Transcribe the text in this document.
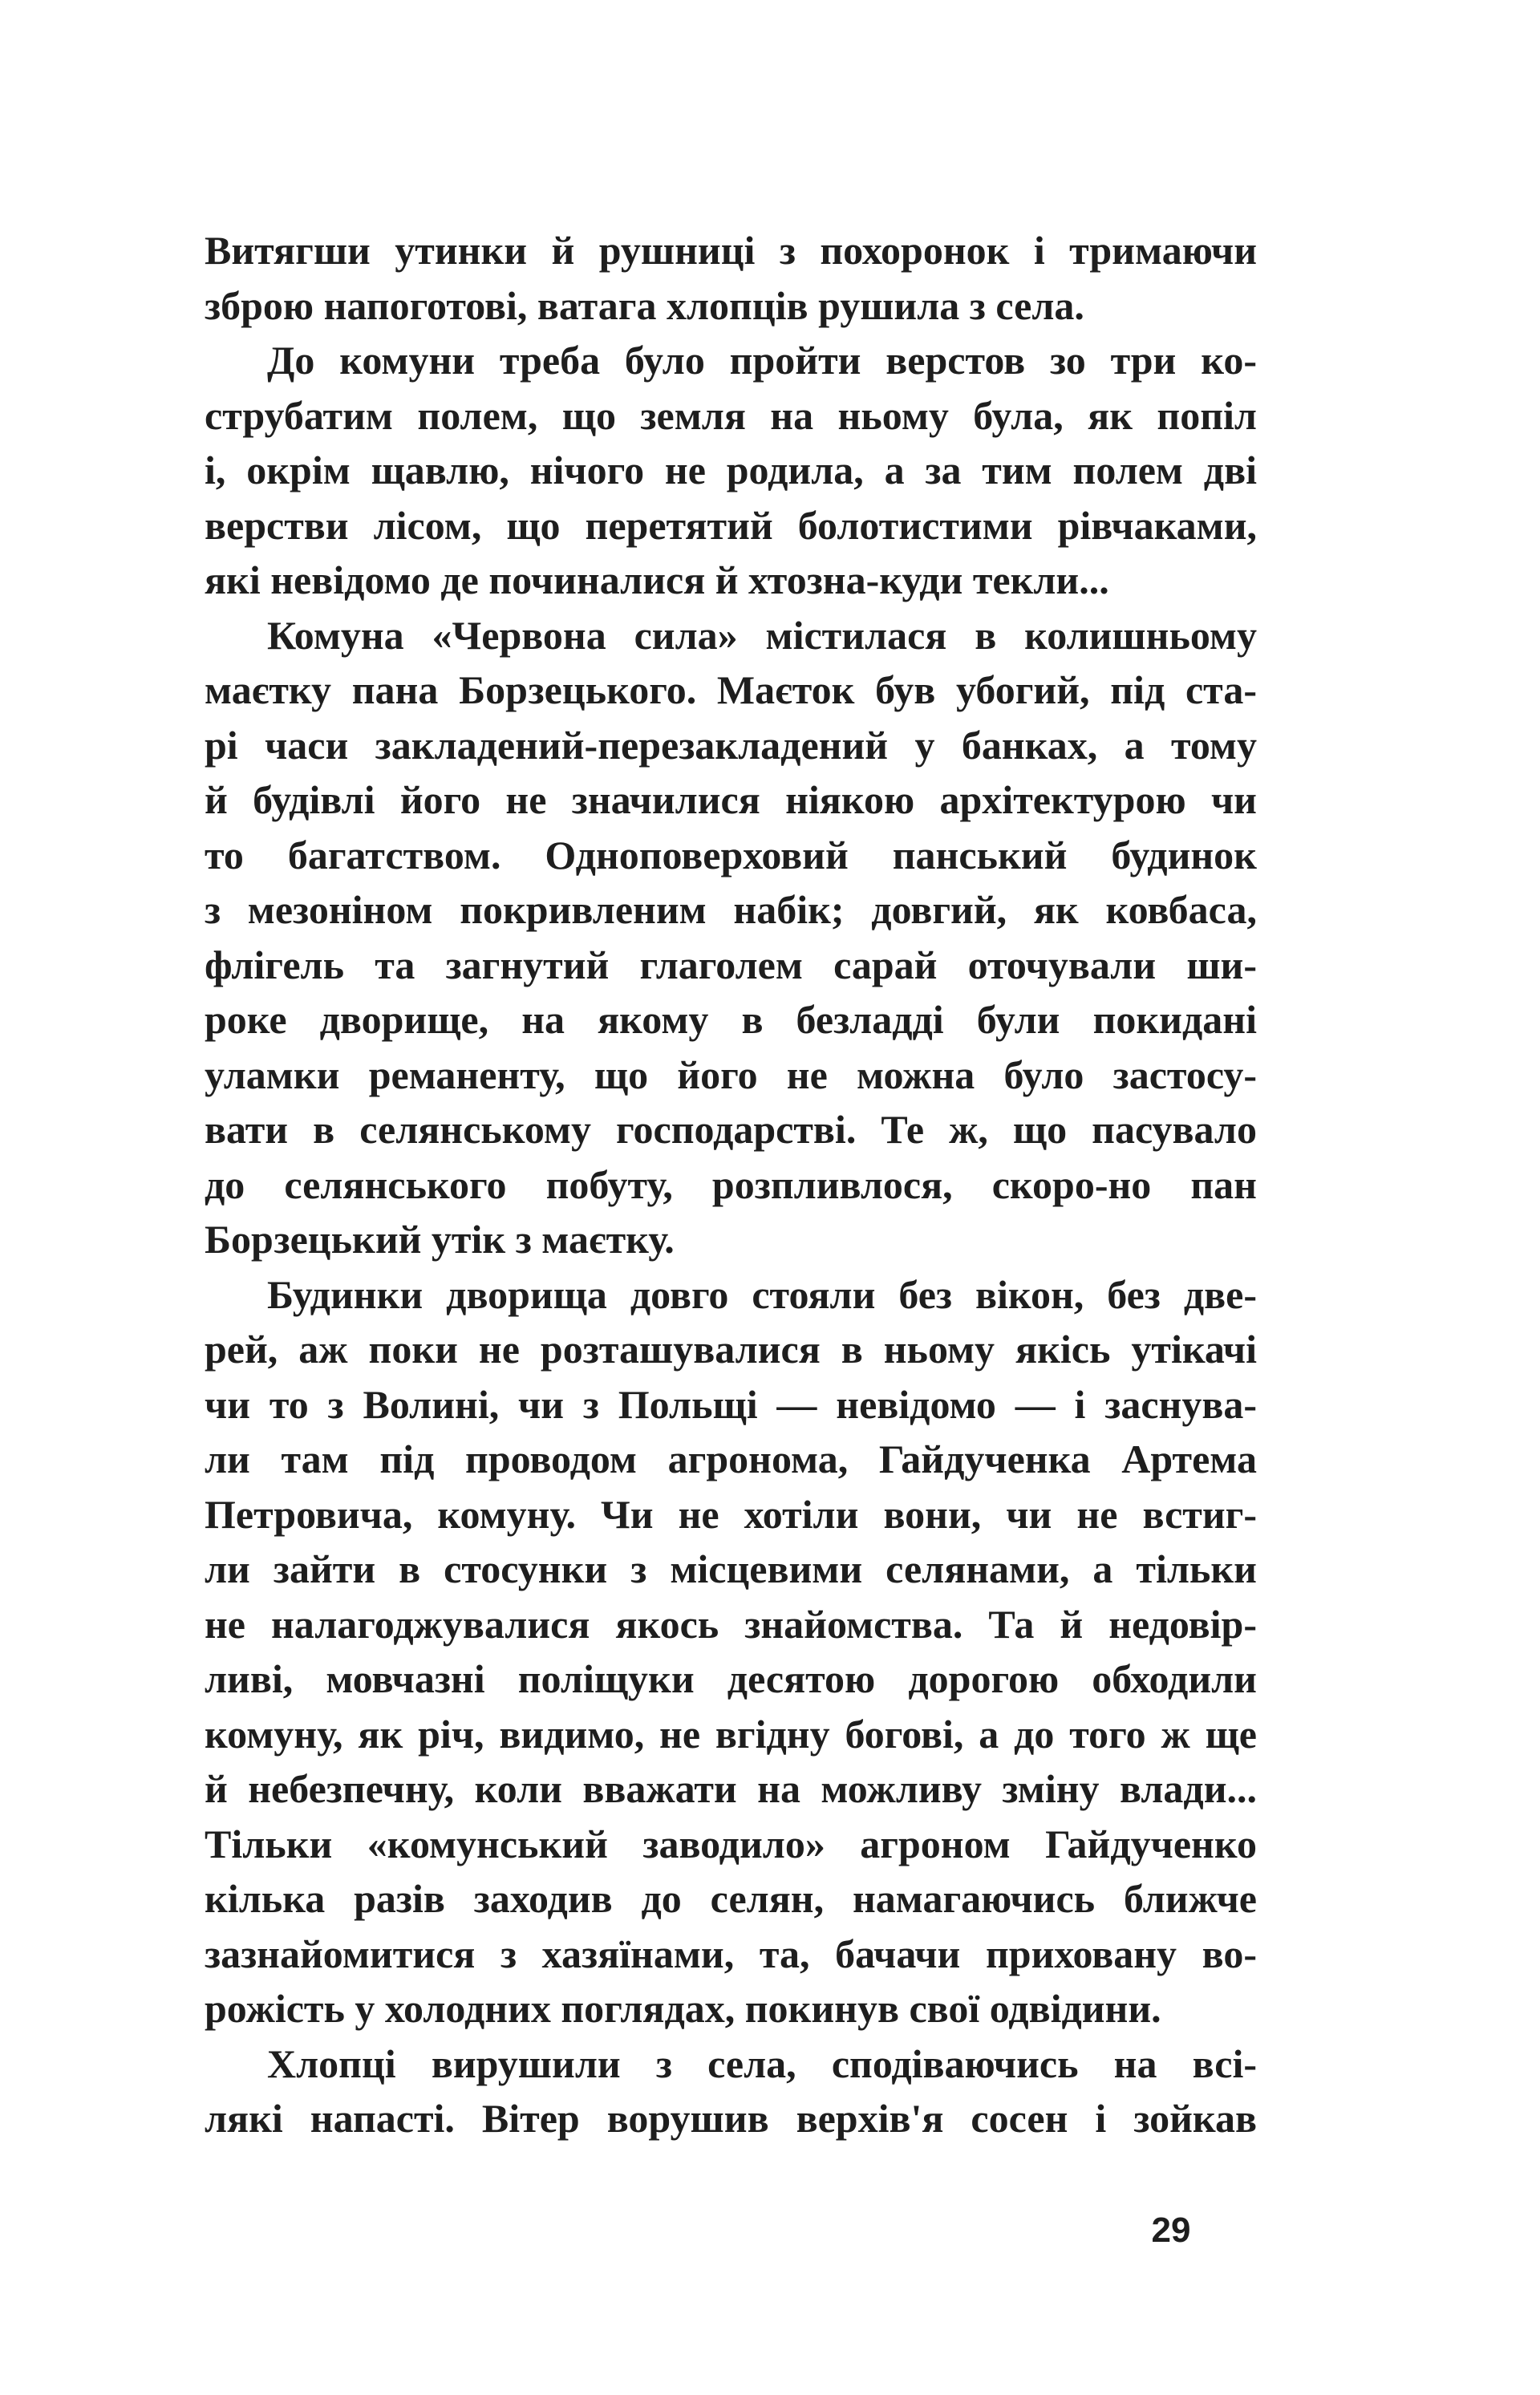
Витягши утинки й рушниці з похоронок і тримаючи
зброю напоготові, ватага хлопців рушила з села.
До комуни треба було пройти верстов зо три ко-
струбатим полем, що земля на ньому була, як попіл
і, окрім щавлю, нічого не родила, а за тим полем дві
верстви лісом, що перетятий болотистими рівчаками,
які невідомо де починалися й хтозна-куди текли...
Комуна «Червона сила» містилася в колишньому
маєтку пана Борзецького. Маєток був убогий, під ста-
рі часи закладений-перезакладений у банках, а тому
й будівлі його не значилися ніякою архітектурою чи
то багатством. Одноповерховий панський будинок
з мезоніном покривленим набік; довгий, як ковбаса,
флігель та загнутий глаголем сарай оточували ши-
роке дворище, на якому в безладді були покидані
уламки реманенту, що його не можна було застосу-
вати в селянському господарстві. Те ж, що пасувало
до селянського побуту, розпливлося, скоро-но пан
Борзецький утік з маєтку.
Будинки дворища довго стояли без вікон, без две-
рей, аж поки не розташувалися в ньому якісь утікачі
чи то з Волині, чи з Польщі — невідомо — і заснува-
ли там під проводом агронома, Гайдученка Артема
Петровича, комуну. Чи не хотіли вони, чи не встиг-
ли зайти в стосунки з місцевими селянами, а тільки
не налагоджувалися якось знайомства. Та й недовір-
ливі, мовчазні поліщуки десятою дорогою обходили
комуну, як річ, видимо, не вгідну богові, а до того ж ще
й небезпечну, коли вважати на можливу зміну влади...
Тільки «комунський заводило» агроном Гайдученко
кілька разів заходив до селян, намагаючись ближче
зазнайомитися з хазяїнами, та, бачачи приховану во-
рожість у холодних поглядах, покинув свої одвідини.
Хлопці вирушили з села, сподіваючись на всі-
лякі напасті. Вітер ворушив верхів'я сосен і зойкав
29
